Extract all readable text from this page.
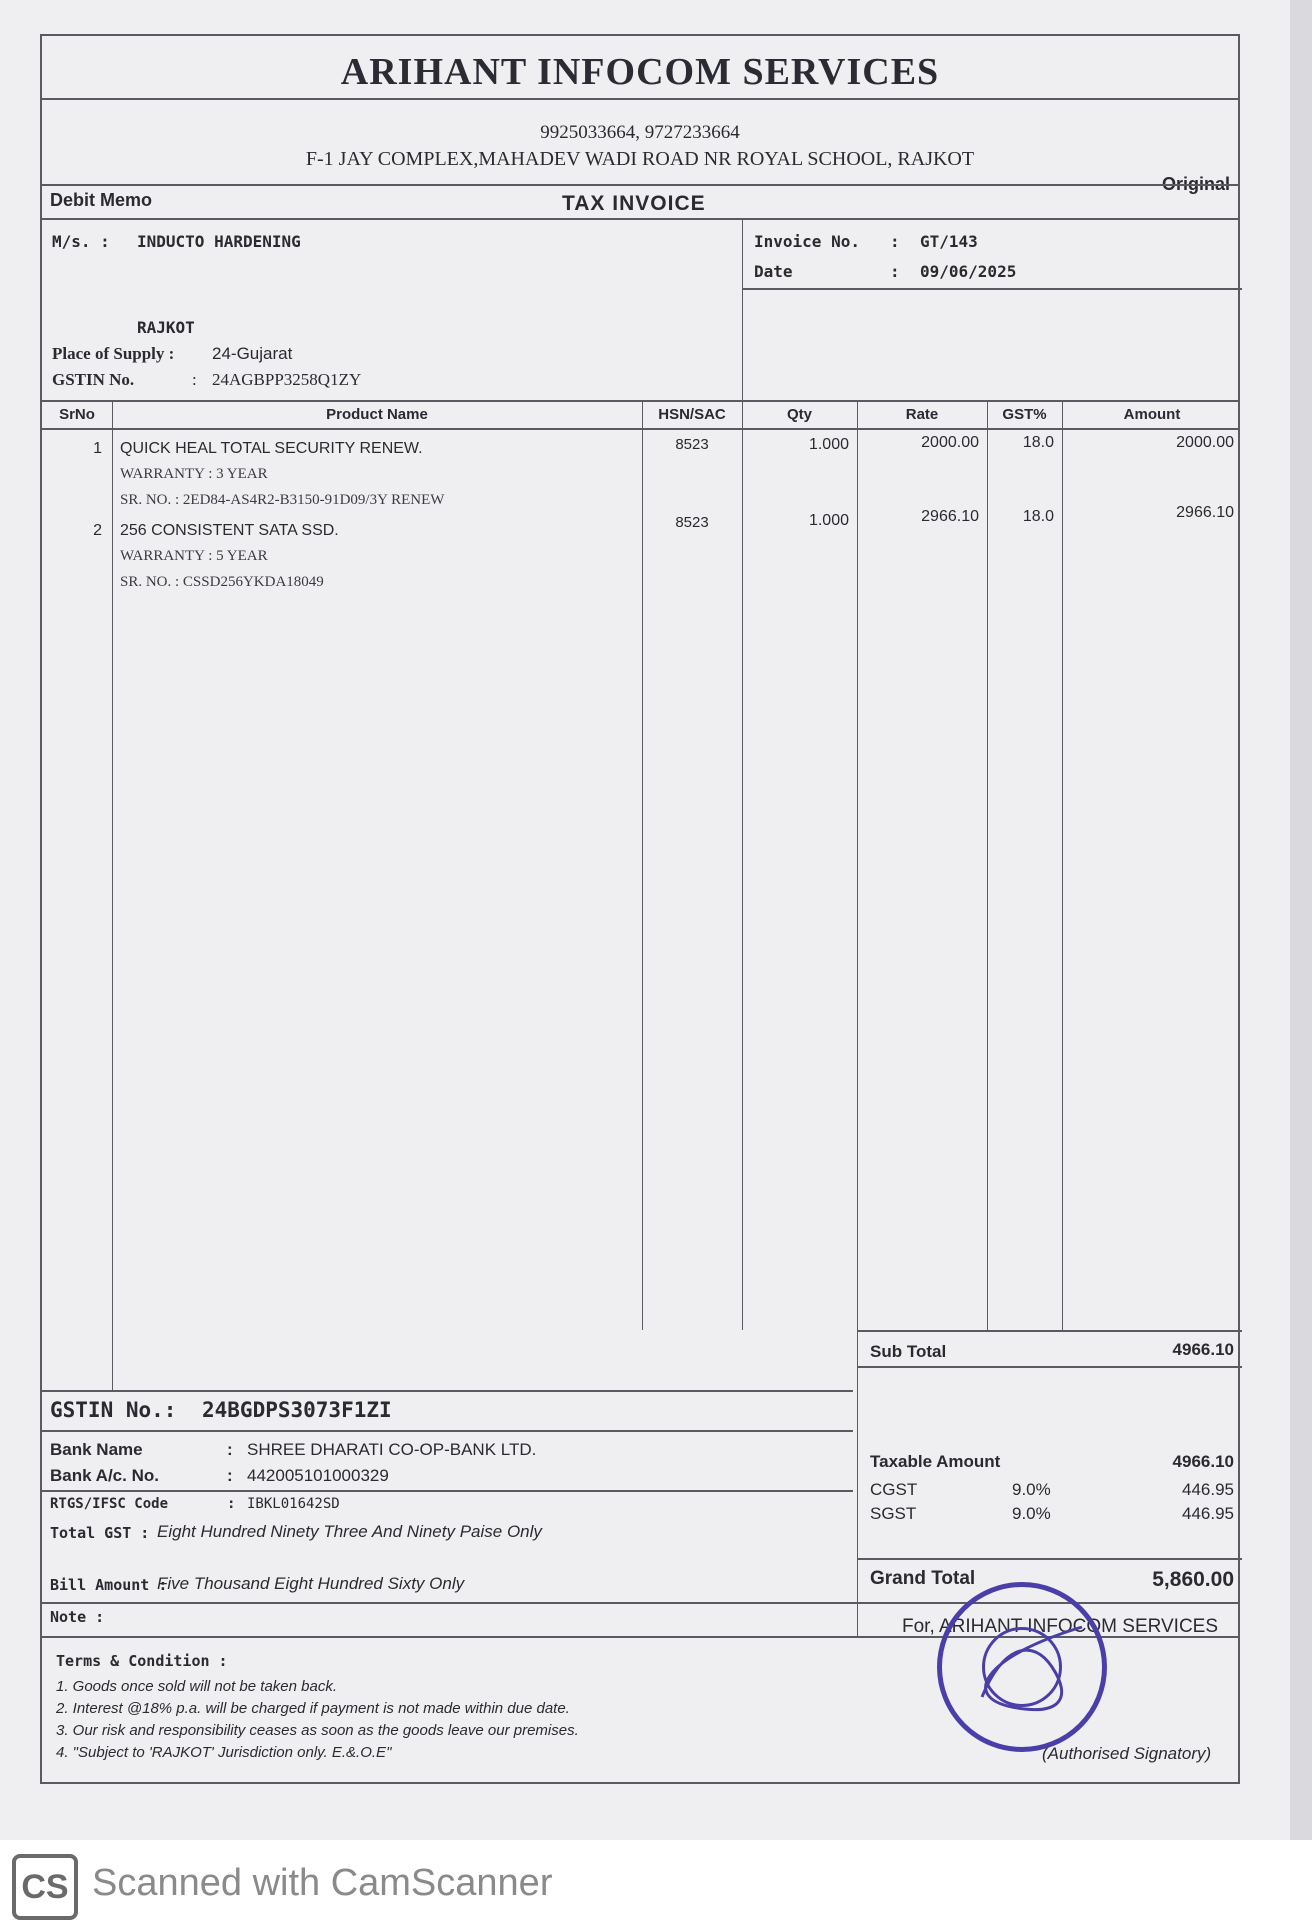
ARIHANT INFOCOM SERVICES
9925033664, 9727233664
F-1 JAY COMPLEX,MAHADEV WADI ROAD NR ROYAL SCHOOL, RAJKOT
Original
Debit Memo	TAX INVOICE
M/s. : INDUCTO HARDENING
RAJKOT
Place of Supply : 24-Gujarat
GSTIN No.	: 24AGBPP3258Q1ZY
Invoice No. : GT/143
Date	: 09/06/2025
SrNo	Product Name	HSN/SAC	Qty	Rate	GST%	Amount
1 QUICK HEAL TOTAL SECURITY RENEW.
WARRANTY : 3 YEAR
SR. NO. : 2ED84-AS4R2-B3150-91D09/3Y RENEW
8523	1.000	2000.00	18.0	2000.00
2 256 CONSISTENT SATA SSD.
WARRANTY : 5 YEAR
SR. NO. : CSSD256YKDA18049
8523	1.000	2966.10	18.0	2966.10
Sub Total	4966.10
GSTIN No.: 24BGDPS3073F1ZI
Bank Name	: SHREE DHARATI CO-OP-BANK LTD.
Bank A/c. No.	: 442005101000329
RTGS/IFSC Code	: IBKL01642SD
Total GST : Eight Hundred Ninety Three And Ninety Paise Only
Bill Amount :
Five Thousand Eight Hundred Sixty Only
Taxable Amount	4966.10
CGST	9.0%	446.95
SGST	9.0%	446.95
Grand Total	5,860.00
Note :
Terms & Condition :
1. Goods once sold will not be taken back.
2. Interest @18% p.a. will be charged if payment is not made within due date.
3. Our risk and responsibility ceases as soon as the goods leave our premises.
4. "Subject to 'RAJKOT' Jurisdiction only. E.&.O.E"
For, ARIHANT INFOCOM SERVICES
(Authorised Signatory)
CS Scanned with CamScanner
